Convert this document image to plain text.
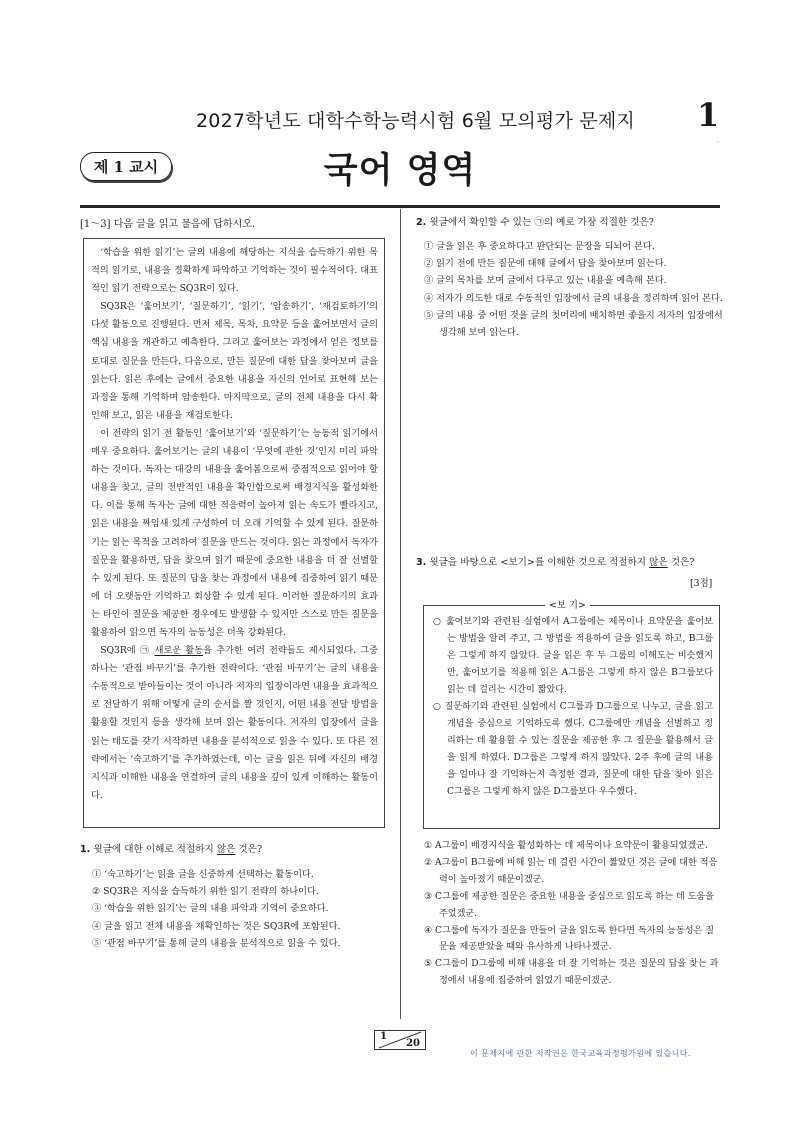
2027학년도 대학수학능력시험 6월 모의평가 문제지 1
.
제 1 교시	국어 영역
[1～3] 다음 글을 읽고 물음에 답하시오.

‘학습을 위한 읽기’는 글의 내용에 해당하는 지식을 습득하기 위한 목적의 읽기로, 내용을 정확하게 파악하고 기억하는 것이 필수적이다. 대표적인 읽기 전략으로는 SQ3R이 있다.

SQ3R은 ‘훑어보기’, ‘질문하기’, ‘읽기’, ‘암송하기’, ‘재검토하기’의 다섯 활동으로 진행된다. 먼저 제목, 목차, 요약문 등을 훑어보면서 글의 핵심 내용을 개관하고 예측한다. 그리고 훑어보는 과정에서 얻은 정보를 토대로 질문을 만든다. 다음으로, 만든 질문에 대한 답을 찾아보며 글을 읽는다. 읽은 후에는 글에서 중요한 내용을 자신의 언어로 표현해 보는 과정을 통해 기억하며 암송한다. 마지막으로, 글의 전체 내용을 다시 확인해 보고, 읽은 내용을 재검토한다.

이 전략의 읽기 전 활동인 ‘훑어보기’와 ‘질문하기’는 능동적 읽기에서 매우 중요하다. 훑어보기는 글의 내용이 ‘무엇에 관한 것’인지 미리 파악하는 것이다. 독자는 대강의 내용을 훑어봄으로써 중점적으로 읽어야 할 내용을 찾고, 글의 전반적인 내용을 확인함으로써 배경지식을 활성화한다. 이를 통해 독자는 글에 대한 적응력이 높아져 읽는 속도가 빨라지고, 읽은 내용을 짜임새 있게 구성하여 더 오래 기억할 수 있게 된다. 질문하기는 읽는 목적을 고려하여 질문을 만드는 것이다. 읽는 과정에서 독자가 질문을 활용하면, 답을 찾으며 읽기 때문에 중요한 내용을 더 잘 선별할 수 있게 된다. 또 질문의 답을 찾는 과정에서 내용에 집중하여 읽기 때문에 더 오랫동안 기억하고 회상할 수 있게 된다. 이러한 질문하기의 효과는 타인이 질문을 제공한 경우에도 발생할 수 있지만 스스로 만든 질문을 활용하여 읽으면 독자의 능동성은 더욱 강화된다.

SQ3R에 ㉠ 새로운 활동을 추가한 여러 전략들도 제시되었다. 그중 하나는 ‘관점 바꾸기’를 추가한 전략이다. ‘관점 바꾸기’는 글의 내용을 수동적으로 받아들이는 것이 아니라 저자의 입장이라면 내용을 효과적으로 전달하기 위해 어떻게 글의 순서를 짤 것인지, 어떤 내용 전달 방법을 활용할 것인지 등을 생각해 보며 읽는 활동이다. 저자의 입장에서 글을 읽는 태도를 갖기 시작하면 내용을 분석적으로 읽을 수 있다. 또 다른 전략에서는 ‘숙고하기’를 추가하였는데, 이는 글을 읽은 뒤에 자신의 배경지식과 이해한 내용을 연결하여 글의 내용을 깊이 있게 이해하는 활동이다.

1. 윗글에 대한 이해로 적절하지 않은 것은?
① ‘숙고하기’는 읽을 글을 신중하게 선택하는 활동이다.
② SQ3R은 지식을 습득하기 위한 읽기 전략의 하나이다.
③ ‘학습을 위한 읽기’는 글의 내용 파악과 기억이 중요하다.
④ 글을 읽고 전체 내용을 재확인하는 것은 SQ3R에 포함된다.
⑤ ‘관점 바꾸기’를 통해 글의 내용을 분석적으로 읽을 수 있다.
2. 윗글에서 확인할 수 있는 ㉠의 예로 가장 적절한 것은?
① 글을 읽은 후 중요하다고 판단되는 문장을 되뇌어 본다.
② 읽기 전에 만든 질문에 대해 글에서 답을 찾아보며 읽는다.
③ 글의 목차를 보며 글에서 다루고 있는 내용을 예측해 본다.
④ 저자가 의도한 대로 수동적인 입장에서 글의 내용을 정리하며 읽어 본다.
⑤ 글의 내용 중 어떤 것을 글의 첫머리에 배치하면 좋을지 저자의 입장에서 생각해 보며 읽는다.
3. 윗글을 바탕으로 <보기>를 이해한 것으로 적절하지 않은 것은?
[3점]
<보 기>
○ 훑어보기와 관련된 실험에서 A그룹에는 제목이나 요약문을 훑어보는 방법을 알려 주고, 그 방법을 적용하여 글을 읽도록 하고, B그룹은 그렇게 하지 않았다. 글을 읽은 후 두 그룹의 이해도는 비슷했지만, 훑어보기를 적용해 읽은 A그룹은 그렇게 하지 않은 B그룹보다 읽는 데 걸리는 시간이 짧았다.
○ 질문하기와 관련된 실험에서 C그룹과 D그룹으로 나누고, 글을 읽고 개념을 중심으로 기억하도록 했다. C그룹에만 개념을 선별하고 정리하는 데 활용할 수 있는 질문을 제공한 후 그 질문을 활용해서 글을 읽게 하였다. D그룹은 그렇게 하지 않았다. 2주 후에 글의 내용을 얼마나 잘 기억하는지 측정한 결과, 질문에 대한 답을 찾아 읽은 C그룹은 그렇게 하지 않은 D그룹보다 우수했다.
① A그룹이 배경지식을 활성화하는 데 제목이나 요약문이 활용되었겠군.
② A그룹이 B그룹에 비해 읽는 데 걸린 시간이 짧았던 것은 글에 대한 적응력이 높아졌기 때문이겠군.
③ C그룹에 제공한 질문은 중요한 내용을 중심으로 읽도록 하는 데 도움을 주었겠군.
④ C그룹에 독자가 질문을 만들어 글을 읽도록 한다면 독자의 능동성은 질문을 제공받았을 때와 유사하게 나타나겠군.
⑤ C그룹이 D그룹에 비해 내용을 더 잘 기억하는 것은 질문의 답을 찾는 과정에서 내용에 집중하여 읽었기 때문이겠군.
1
20
이 문제지에 관한 저작권은 한국교육과정평가원에 있습니다.
